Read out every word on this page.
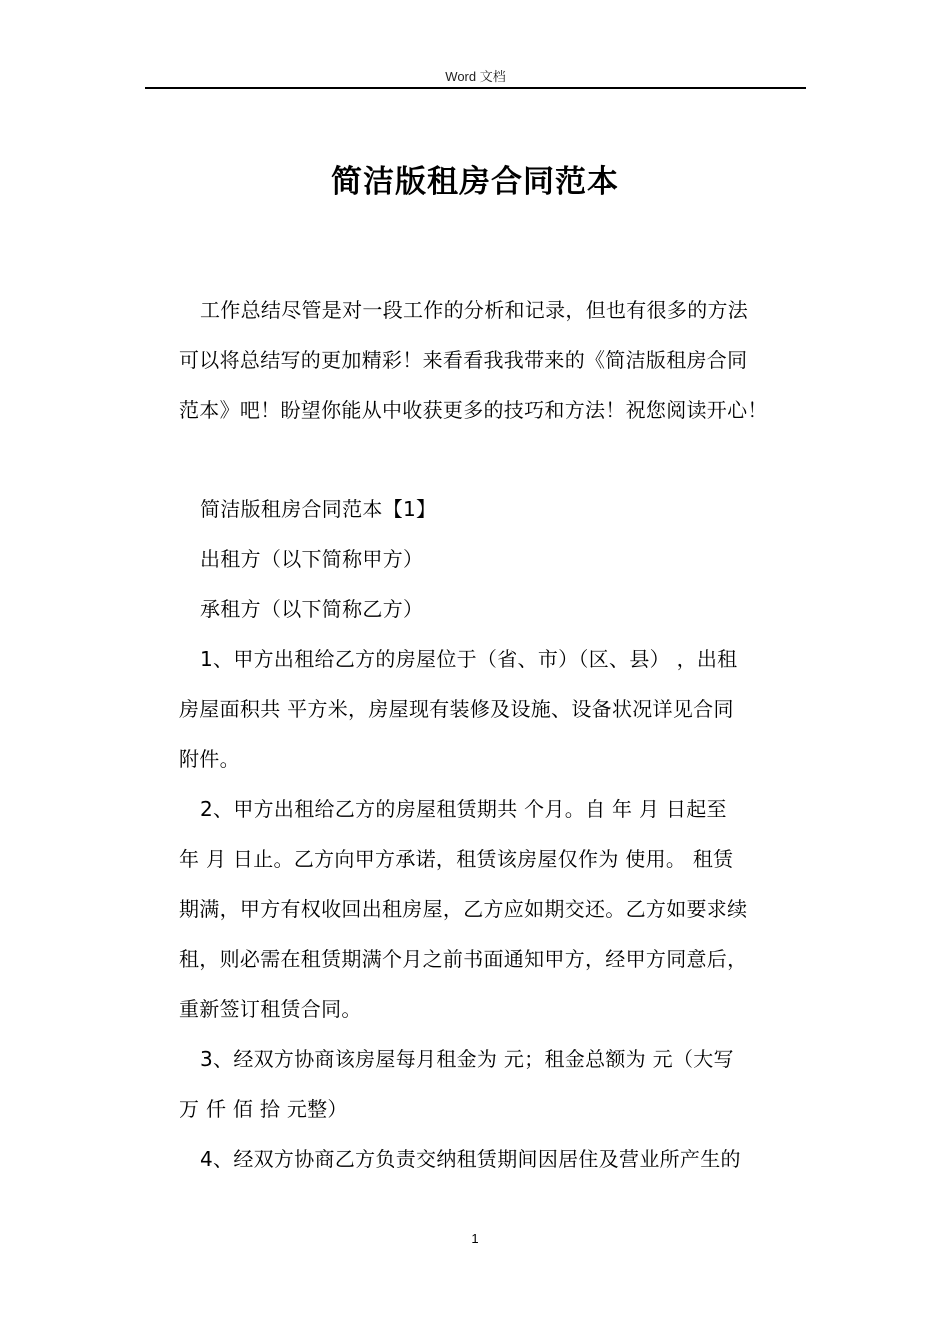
Word 文档
简洁版租房合同范本
工作总结尽管是对一段工作的分析和记录，但也有很多的方法
可以将总结写的更加精彩！来看看我我带来的《简洁版租房合同
范本》吧！盼望你能从中收获更多的技巧和方法！祝您阅读开心！
简洁版租房合同范本【1】
出租方（以下简称甲方）
承租方（以下简称乙方）
1、甲方出租给乙方的房屋位于（省、市）（区、县） ，出租
房屋面积共 平方米，房屋现有装修及设施、设备状况详见合同
附件。
2、甲方出租给乙方的房屋租赁期共 个月。自 年 月 日起至
年 月 日止。乙方向甲方承诺，租赁该房屋仅作为 使用。 租赁
期满，甲方有权收回出租房屋，乙方应如期交还。乙方如要求续
租，则必需在租赁期满个月之前书面通知甲方，经甲方同意后，
重新签订租赁合同。
3、经双方协商该房屋每月租金为 元；租金总额为 元（大写
万 仟 佰 拾 元整）
4、经双方协商乙方负责交纳租赁期间因居住及营业所产生的
1
